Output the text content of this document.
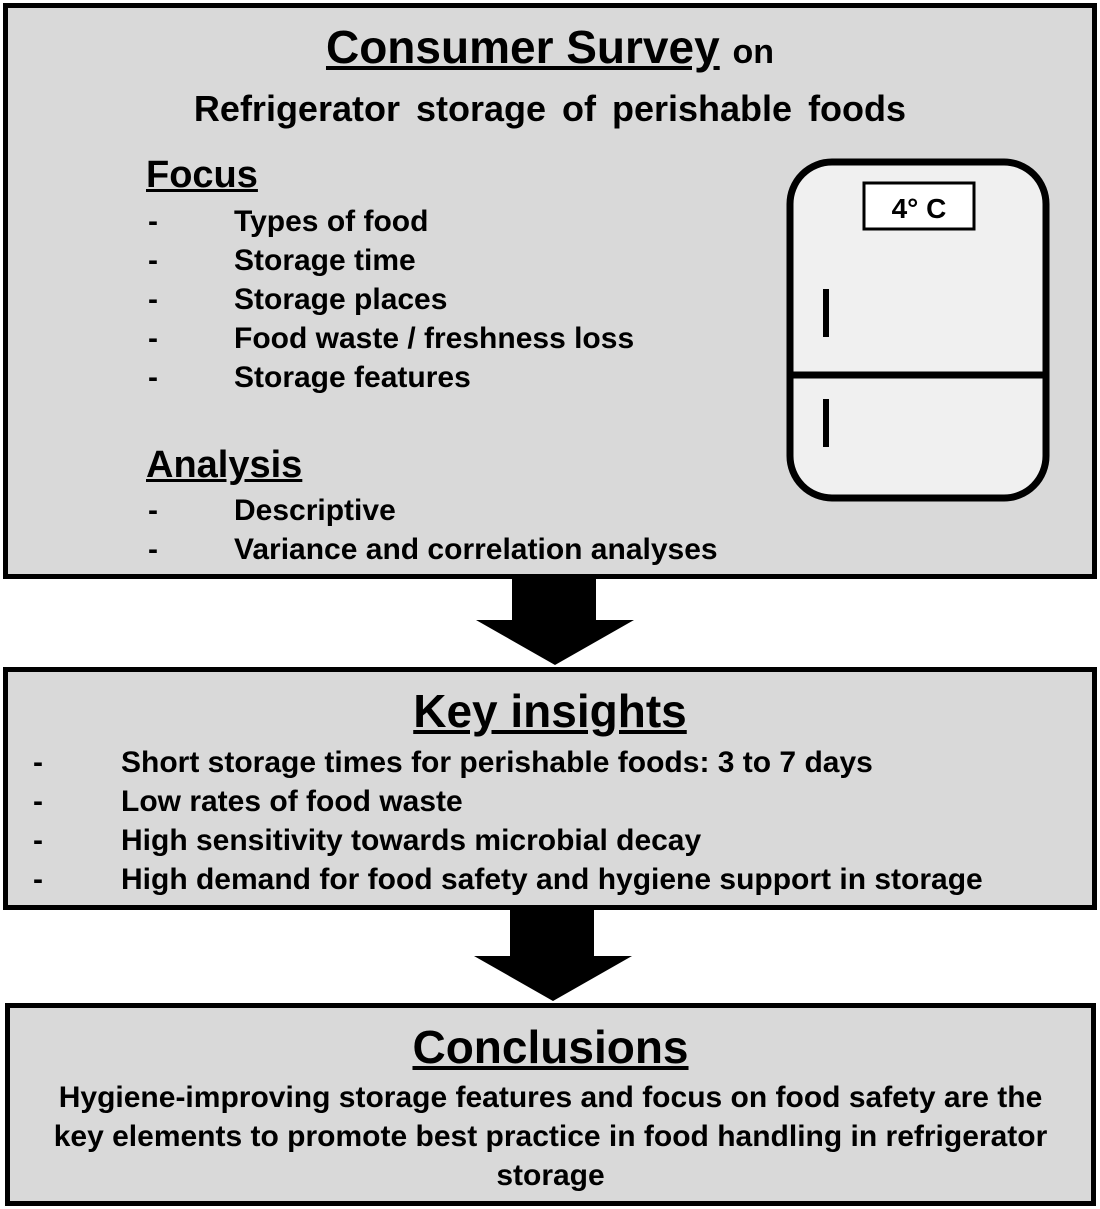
Consumer Survey on
Refrigerator storage of perishable foods
Focus
-	Types of food
-	Storage time
-	Storage places
-	Food waste / freshness loss
-	Storage features
Analysis
-	Descriptive
-	Variance and correlation analyses
4° C
Key insights
-	Short storage times for perishable foods: 3 to 7 days
-	Low rates of food waste
-	High sensitivity towards microbial decay
-	High demand for food safety and hygiene support in storage
Conclusions
Hygiene-improving storage features and focus on food safety are the key elements to promote best practice in food handling in refrigerator storage
